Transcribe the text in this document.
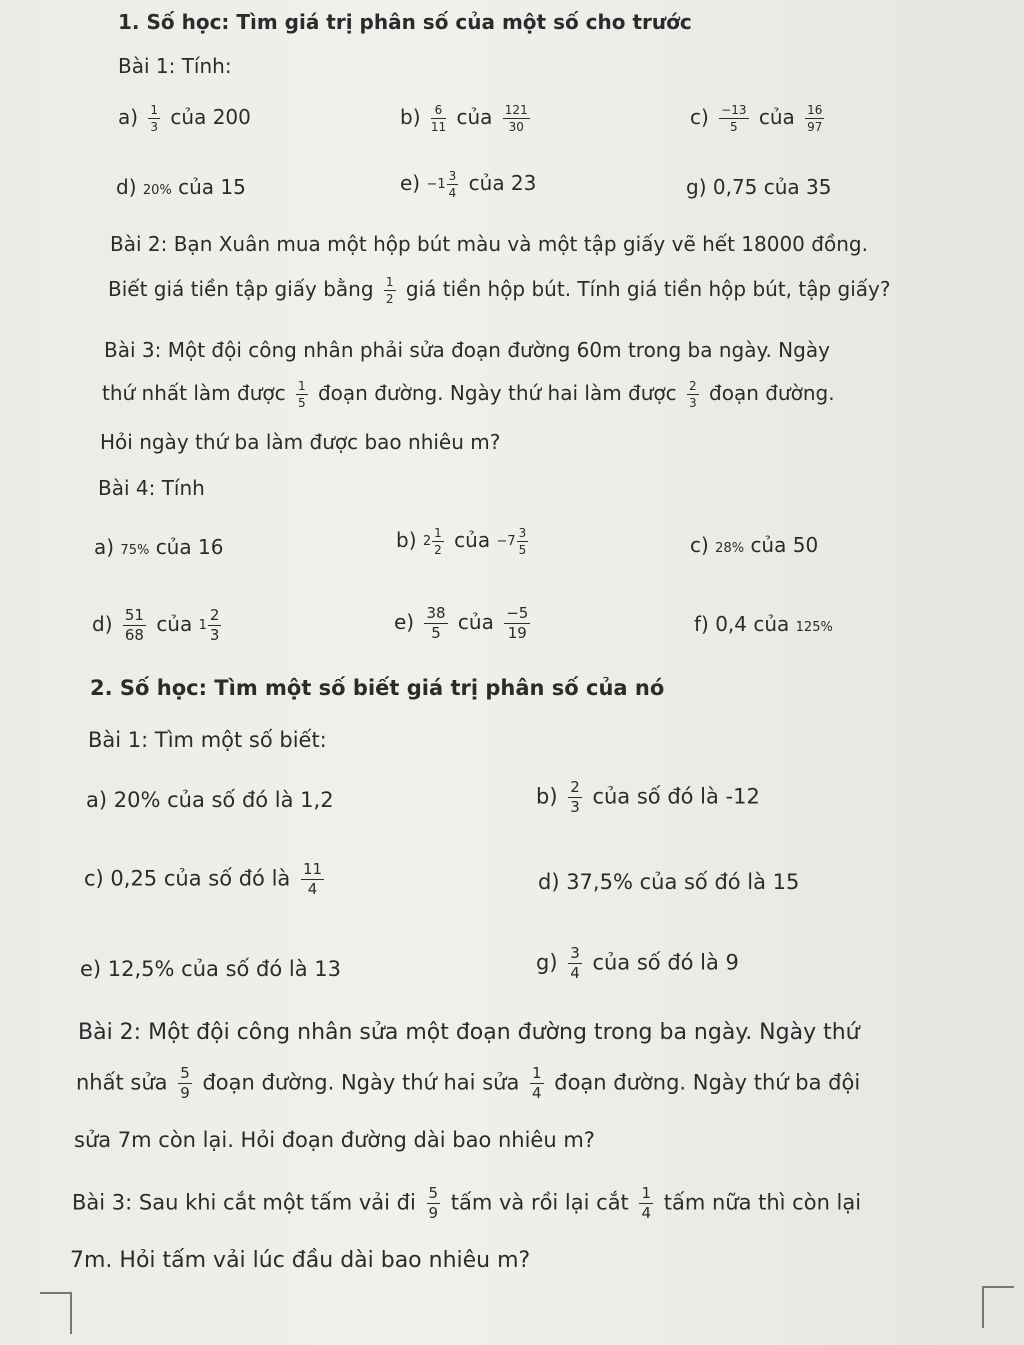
1. Số học: Tìm giá trị phân số của một số cho trước
Bài 1: Tính:
$a) \frac{1}{3}$ của 200	$b) \frac{6}{11}$ của $\frac{121}{30}$	$c) \frac{-13}{5}$ của $\frac{16}{97}$
d) 20% của 15	$e) -1 \frac{3}{4}$ của 23	g) 0,75 của 35
Bài 2: Bạn Xuân mua một hộp bút màu và một tập giấy vẽ hết 18000 đồng.
Biết giá tiền tập giấy bằng $\frac{1}{2}$ giá tiền hộp bút. Tính giá tiền hộp bút, tập giấy?
Bài 3: Một đội công nhân phải sửa đoạn đường 60m trong ba ngày. Ngày
thứ nhất làm được $\frac{1}{5}$ đoạn đường. Ngày thứ hai làm được $\frac{2}{3}$ đoạn đường.
Hỏi ngày thứ ba làm được bao nhiêu m?
Bài 4: Tính
a) 75% của 16	b) $2 \frac{1}{2}$ của $-7 \frac{3}{5}$	c) 28% của 50
$d) \frac{51}{68}$ của $1 \frac{2}{3}$	$e) \frac{38}{5}$ của $\frac{-5}{19}$	f) 0,4 của 125%
2. Số học: Tìm một số biết giá trị phân số của nó
Bài 1: Tìm một số biết:
a) 20% của số đó là 1,2	$b) \frac{2}{3}$ của số đó là -12
c) 0,25 của số đó là $\frac{11}{4}$	d) 37,5% của số đó là 15
e) 12,5% của số đó là 13	$g) \frac{3}{4}$ của số đó là 9
Bài 2: Một đội công nhân sửa một đoạn đường trong ba ngày. Ngày thứ
nhất sửa $\frac{5}{9}$ đoạn đường. Ngày thứ hai sửa $\frac{1}{4}$ đoạn đường. Ngày thứ ba đội
sửa 7m còn lại. Hỏi đoạn đường dài bao nhiêu m?
Bài 3: Sau khi cắt một tấm vải đi $\frac{5}{9}$ tấm và rồi lại cắt $\frac{1}{4}$ tấm nữa thì còn lại
7m. Hỏi tấm vải lúc đầu dài bao nhiêu m?
